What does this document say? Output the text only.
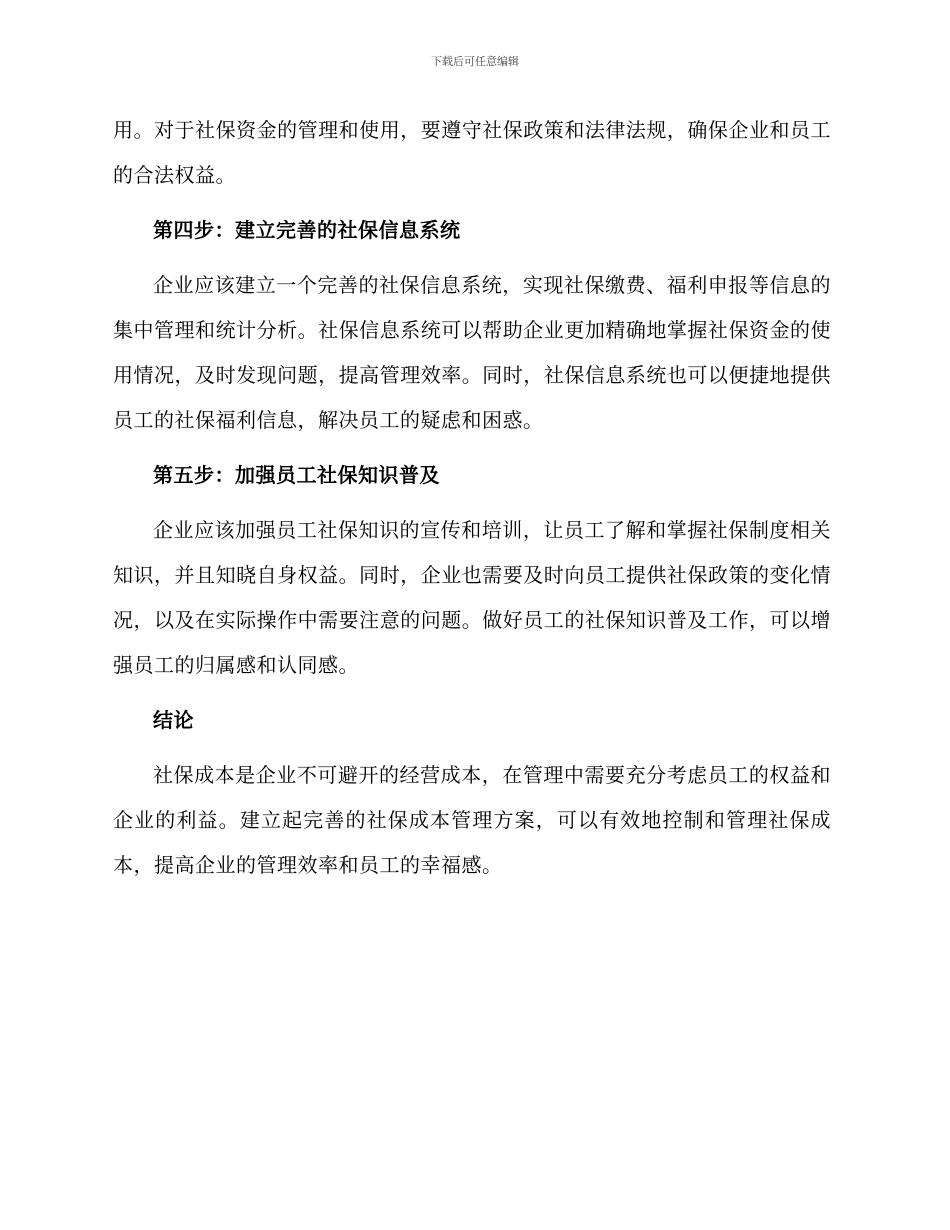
下载后可任意编辑

用。对于社保资金的管理和使用，要遵守社保政策和法律法规，确保企业和员工的合法权益。

第四步：建立完善的社保信息系统

企业应该建立一个完善的社保信息系统，实现社保缴费、福利申报等信息的集中管理和统计分析。社保信息系统可以帮助企业更加精确地掌握社保资金的使用情况，及时发现问题，提高管理效率。同时，社保信息系统也可以便捷地提供员工的社保福利信息，解决员工的疑虑和困惑。

第五步：加强员工社保知识普及

企业应该加强员工社保知识的宣传和培训，让员工了解和掌握社保制度相关知识，并且知晓自身权益。同时，企业也需要及时向员工提供社保政策的变化情况，以及在实际操作中需要注意的问题。做好员工的社保知识普及工作，可以增强员工的归属感和认同感。

结论

社保成本是企业不可避开的经营成本，在管理中需要充分考虑员工的权益和企业的利益。建立起完善的社保成本管理方案，可以有效地控制和管理社保成本，提高企业的管理效率和员工的幸福感。
